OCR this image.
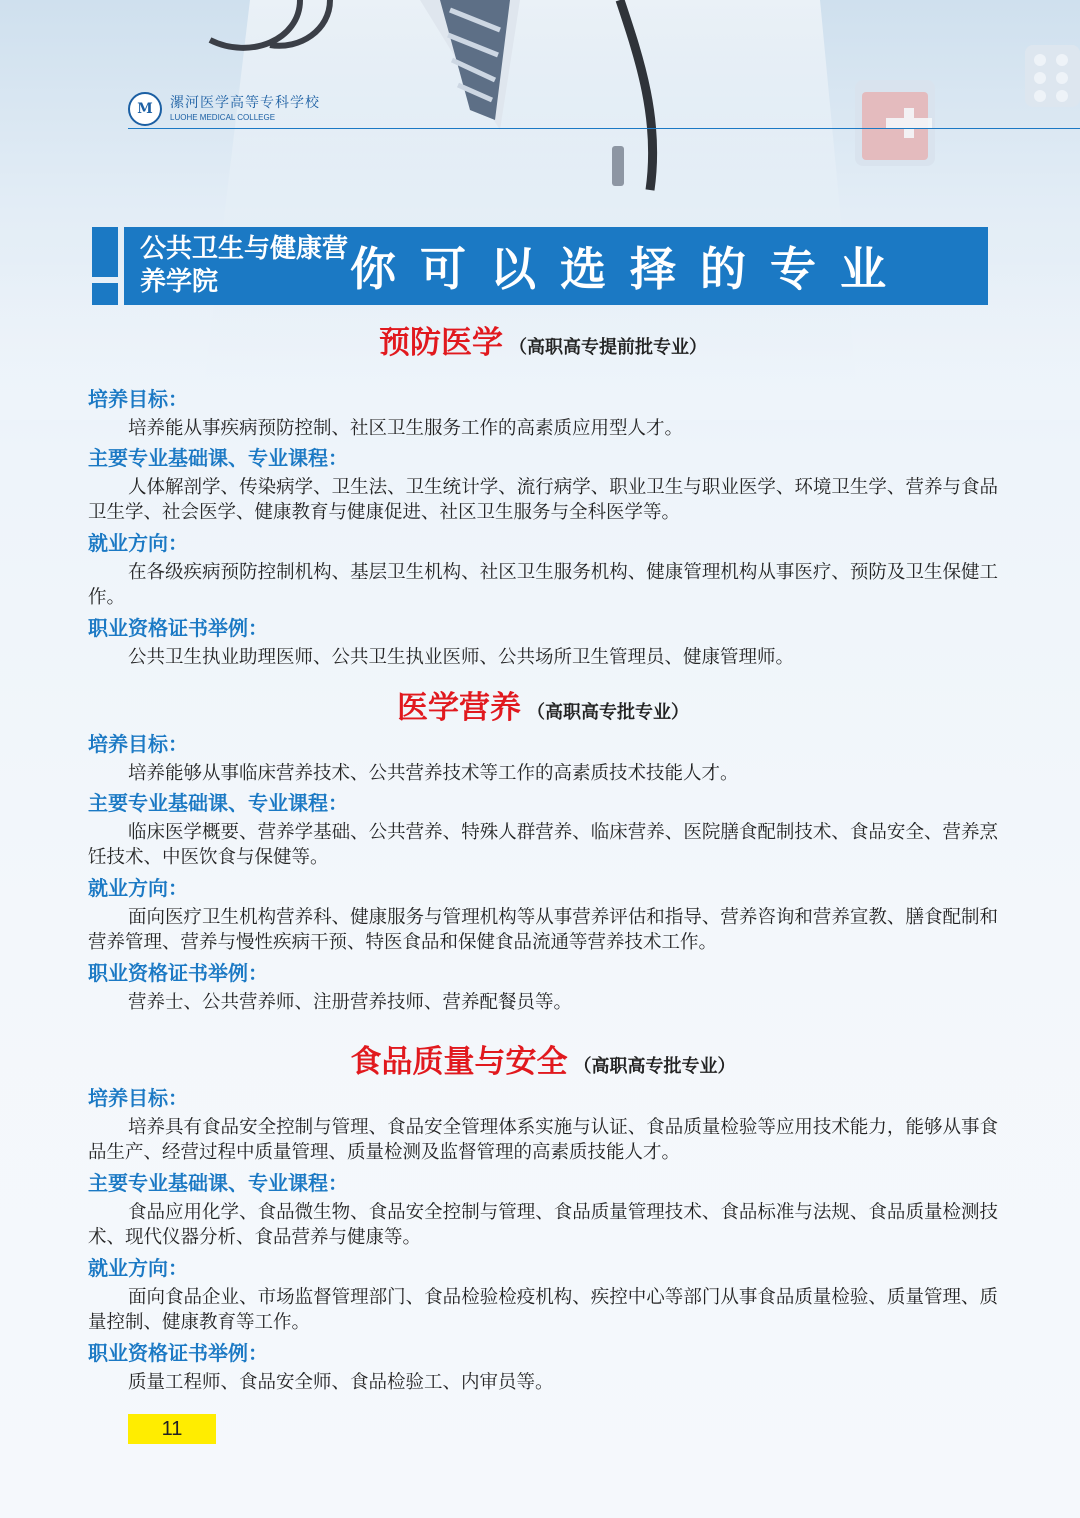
M	漯河医学高等专科学校
LUOHE MEDICAL COLLEGE
公共卫生与健康营养学院	你可以选择的专业
预防医学 （高职高专提前批专业）
培养目标：
培养能从事疾病预防控制、社区卫生服务工作的高素质应用型人才。
主要专业基础课、专业课程：
人体解剖学、传染病学、卫生法、卫生统计学、流行病学、职业卫生与职业医学、环境卫生学、营养与食品卫生学、社会医学、健康教育与健康促进、社区卫生服务与全科医学等。
就业方向：
在各级疾病预防控制机构、基层卫生机构、社区卫生服务机构、健康管理机构从事医疗、预防及卫生保健工作。
职业资格证书举例：
公共卫生执业助理医师、公共卫生执业医师、公共场所卫生管理员、健康管理师。
医学营养 （高职高专批专业）
培养目标：
培养能够从事临床营养技术、公共营养技术等工作的高素质技术技能人才。
主要专业基础课、专业课程：
临床医学概要、营养学基础、公共营养、特殊人群营养、临床营养、医院膳食配制技术、食品安全、营养烹饪技术、中医饮食与保健等。
就业方向：
面向医疗卫生机构营养科、健康服务与管理机构等从事营养评估和指导、营养咨询和营养宣教、膳食配制和营养管理、营养与慢性疾病干预、特医食品和保健食品流通等营养技术工作。
职业资格证书举例：
营养士、公共营养师、注册营养技师、营养配餐员等。
食品质量与安全 （高职高专批专业）
培养目标：
培养具有食品安全控制与管理、食品安全管理体系实施与认证、食品质量检验等应用技术能力，能够从事食品生产、经营过程中质量管理、质量检测及监督管理的高素质技能人才。
主要专业基础课、专业课程：
食品应用化学、食品微生物、食品安全控制与管理、食品质量管理技术、食品标准与法规、食品质量检测技术、现代仪器分析、食品营养与健康等。
就业方向：
面向食品企业、市场监督管理部门、食品检验检疫机构、疾控中心等部门从事食品质量检验、质量管理、质量控制、健康教育等工作。
职业资格证书举例：
质量工程师、食品安全师、食品检验工、内审员等。
11
